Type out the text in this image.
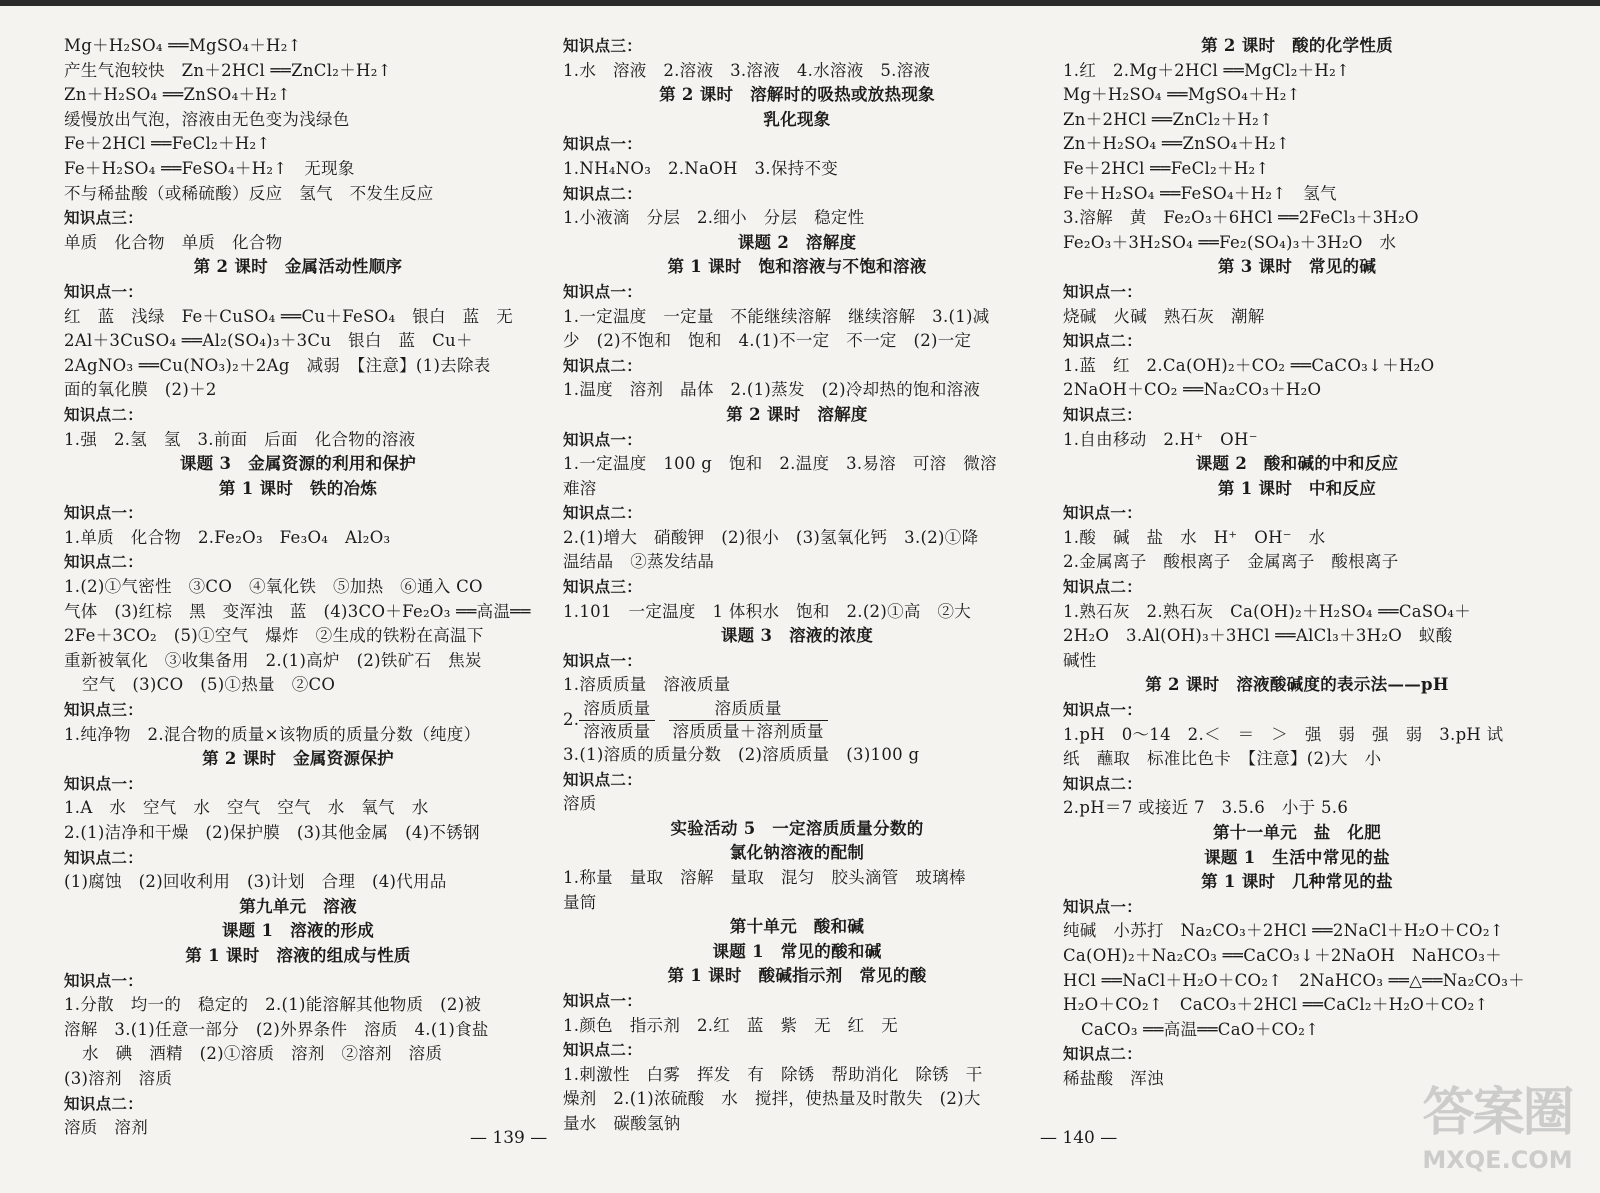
Mg＋H₂SO₄ ══MgSO₄＋H₂↑
产生气泡较快　Zn＋2HCl ══ZnCl₂＋H₂↑
Zn＋H₂SO₄ ══ZnSO₄＋H₂↑
缓慢放出气泡，溶液由无色变为浅绿色
Fe＋2HCl ══FeCl₂＋H₂↑
Fe＋H₂SO₄ ══FeSO₄＋H₂↑　无现象
不与稀盐酸（或稀硫酸）反应　氢气　不发生反应
知识点三：
单质　化合物　单质　化合物
第 2 课时　金属活动性顺序
知识点一：
红　蓝　浅绿　Fe＋CuSO₄ ══Cu＋FeSO₄　银白　蓝　无
2Al＋3CuSO₄ ══Al₂(SO₄)₃＋3Cu　银白　蓝　Cu＋
2AgNO₃ ══Cu(NO₃)₂＋2Ag　减弱　【注意】(1)去除表
面的氧化膜　(2)＋2
知识点二：
1.强　2.氢　氢　3.前面　后面　化合物的溶液
课题 3　金属资源的利用和保护
第 1 课时　铁的冶炼
知识点一：
1.单质　化合物　2.Fe₂O₃　Fe₃O₄　Al₂O₃
知识点二：
1.(2)①气密性　③CO　④氧化铁　⑤加热　⑥通入 CO
气体　(3)红棕　黑　变浑浊　蓝　(4)3CO＋Fe₂O₃ ══高温══
2Fe＋3CO₂　(5)①空气　爆炸　②生成的铁粉在高温下
重新被氧化　③收集备用　2.(1)高炉　(2)铁矿石　焦炭
空气　(3)CO　(5)①热量　②CO
知识点三：
1.纯净物　2.混合物的质量×该物质的质量分数（纯度）
第 2 课时　金属资源保护
知识点一：
1.A　水　空气　水　空气　空气　水　氧气　水
2.(1)洁净和干燥　(2)保护膜　(3)其他金属　(4)不锈钢
知识点二：
(1)腐蚀　(2)回收利用　(3)计划　合理　(4)代用品
第九单元　溶液
课题 1　溶液的形成
第 1 课时　溶液的组成与性质
知识点一：
1.分散　均一的　稳定的　2.(1)能溶解其他物质　(2)被
溶解　3.(1)任意一部分　(2)外界条件　溶质　4.(1)食盐
水　碘　酒精　(2)①溶质　溶剂　②溶剂　溶质
(3)溶剂　溶质
知识点二：
溶质　溶剂
知识点三：
1.水　溶液　2.溶液　3.溶液　4.水溶液　5.溶液
第 2 课时　溶解时的吸热或放热现象
乳化现象
知识点一：
1.NH₄NO₃　2.NaOH　3.保持不变
知识点二：
1.小液滴　分层　2.细小　分层　稳定性
课题 2　溶解度
第 1 课时　饱和溶液与不饱和溶液
知识点一：
1.一定温度　一定量　不能继续溶解　继续溶解　3.(1)减
少　(2)不饱和　饱和　4.(1)不一定　不一定　(2)一定
知识点二：
1.温度　溶剂　晶体　2.(1)蒸发　(2)冷却热的饱和溶液
第 2 课时　溶解度
知识点一：
1.一定温度　100 g　饱和　2.温度　3.易溶　可溶　微溶
难溶
知识点二：
2.(1)增大　硝酸钾　(2)很小　(3)氢氧化钙　3.(2)①降
温结晶　②蒸发结晶
知识点三：
1.101　一定温度　1 体积水　饱和　2.(2)①高　②大
课题 3　溶液的浓度
知识点一：
1.溶质质量　溶液质量
2. $\frac{\text{溶质质量}}{\text{溶液质量}} \frac{\text{溶质质量}}{\text{溶质质量＋溶剂质量}}$
3.(1)溶质的质量分数　(2)溶质质量　(3)100 g
知识点二：
溶质
实验活动 5　一定溶质质量分数的
氯化钠溶液的配制
1.称量　量取　溶解　量取　混匀　胶头滴管　玻璃棒
量筒
第十单元　酸和碱
课题 1　常见的酸和碱
第 1 课时　酸碱指示剂　常见的酸
知识点一：
1.颜色　指示剂　2.红　蓝　紫　无　红　无
知识点二：
1.刺激性　白雾　挥发　有　除锈　帮助消化　除锈　干
燥剂　2.(1)浓硫酸　水　搅拌，使热量及时散失　(2)大
量水　碳酸氢钠
第 2 课时　酸的化学性质
1.红　2.Mg＋2HCl ══MgCl₂＋H₂↑
Mg＋H₂SO₄ ══MgSO₄＋H₂↑
Zn＋2HCl ══ZnCl₂＋H₂↑
Zn＋H₂SO₄ ══ZnSO₄＋H₂↑
Fe＋2HCl ══FeCl₂＋H₂↑
Fe＋H₂SO₄ ══FeSO₄＋H₂↑　氢气
3.溶解　黄　Fe₂O₃＋6HCl ══2FeCl₃＋3H₂O
Fe₂O₃＋3H₂SO₄ ══Fe₂(SO₄)₃＋3H₂O　水
第 3 课时　常见的碱
知识点一：
烧碱　火碱　熟石灰　潮解
知识点二：
1.蓝　红　2.Ca(OH)₂＋CO₂ ══CaCO₃↓＋H₂O
2NaOH＋CO₂ ══Na₂CO₃＋H₂O
知识点三：
1.自由移动　2.H⁺　OH⁻
课题 2　酸和碱的中和反应
第 1 课时　中和反应
知识点一：
1.酸　碱　盐　水　H⁺　OH⁻　水
2.金属离子　酸根离子　金属离子　酸根离子
知识点二：
1.熟石灰　2.熟石灰　Ca(OH)₂＋H₂SO₄ ══CaSO₄＋
2H₂O　3.Al(OH)₃＋3HCl ══AlCl₃＋3H₂O　蚁酸
碱性
第 2 课时　溶液酸碱度的表示法——pH
知识点一：
1.pH　0～14　2.＜　＝　＞　强　弱　强　弱　3.pH 试
纸　蘸取　标准比色卡　【注意】(2)大　小
知识点二：
2.pH＝7 或接近 7　3.5.6　小于 5.6
第十一单元　盐　化肥
课题 1　生活中常见的盐
第 1 课时　几种常见的盐
知识点一：
纯碱　小苏打　Na₂CO₃＋2HCl ══2NaCl＋H₂O＋CO₂↑
Ca(OH)₂＋Na₂CO₃ ══CaCO₃↓＋2NaOH　NaHCO₃＋
HCl ══NaCl＋H₂O＋CO₂↑　2NaHCO₃ ══△══Na₂CO₃＋
H₂O＋CO₂↑　CaCO₃＋2HCl ══CaCl₂＋H₂O＋CO₂↑
CaCO₃ ══高温══CaO＋CO₂↑
知识点二：
稀盐酸　浑浊
— 139 —	— 140 —	答案圈
MXQE.COM
